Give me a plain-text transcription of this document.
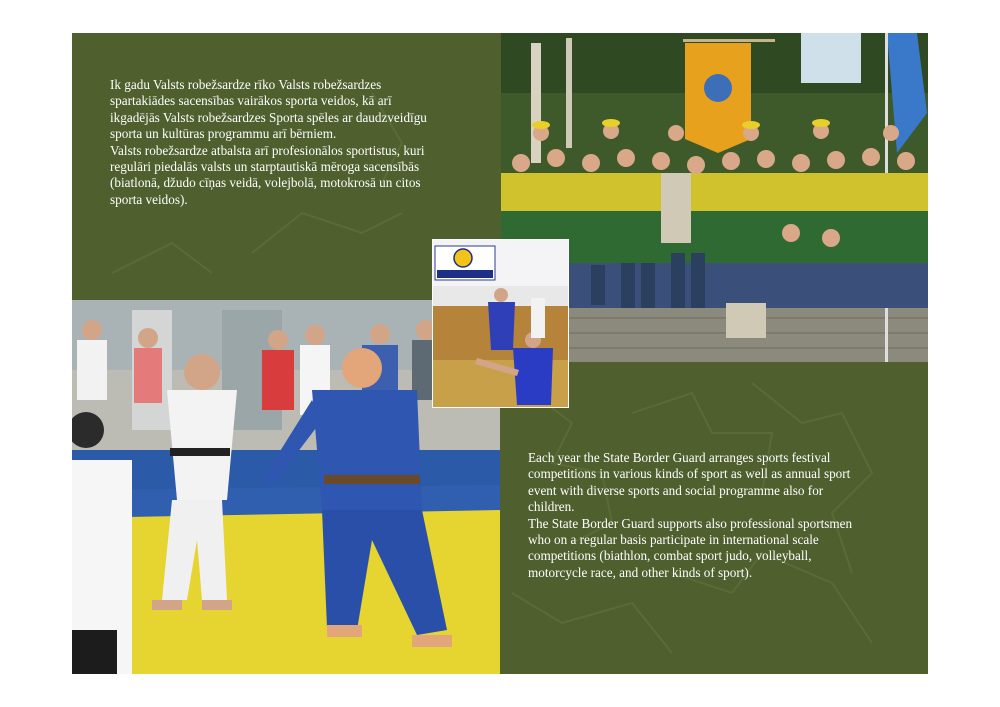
Ik gadu Valsts robežsardze rīko Valsts robežsardzes spartakiādes sacensības vairākos sporta veidos, kā arī ikgadējās Valsts robežsardzes Sporta spēles ar daudzveidīgu sporta un kultūras programmu arī bērniem.

Valsts robežsardze atbalsta arī profesionālos sportistus, kuri regulāri piedalās valsts un starptautiskā mēroga sacensībās (biatlonā, džudo cīņas veidā, volejbolā, motokrosā un citos sporta veidos).

Each year the State Border Guard arranges sports festival competitions in various kinds of sport as well as annual sport event with diverse sports and social programme also for children.

The State Border Guard supports also professional sportsmen who on a regular basis participate in international scale competitions (biathlon, combat sport judo, volleyball, motorcycle race, and other kinds of sport).
